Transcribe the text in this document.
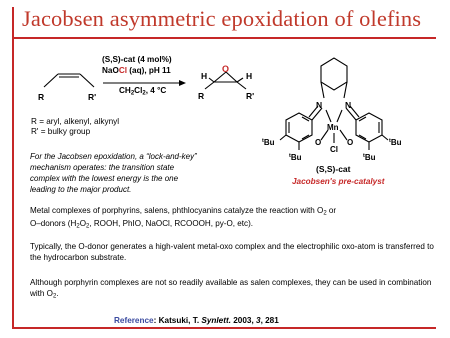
Jacobsen asymmetric epoxidation of olefins
R	R'
H	H
O
R	R'
N	N
Mn
O	O
Cl
$^t$Bu
$^t$Bu	$^t$Bu
$^t$Bu
(S,S)-cat
Jacobsen's pre-catalyst
(S,S)-cat (4 mol%)
NaOCl (aq), pH 11
$CH_2Cl_2$, 4 °C
R = aryl, alkenyl, alkynyl
R' = bulky group
For the Jacobsen epoxidation, a “lock-and-key”
mechanism operates: the transition state
complex with the lowest energy is the one
leading to the major product.
Metal complexes of porphyrins, salens, phthlocyanins catalyze the reaction with $O_2$ or
O–donors ($H_2O_2$, ROOH, PhIO, NaOCl, RCOOOH, py-O, etc).
Typically, the O-donor generates a high-valent metal-oxo complex and the electrophilic oxo-atom is transferred to the hydrocarbon substrate.
Although porphyrin complexes are not so readily available as salen complexes, they can be used in combination with $O_2$.
Reference: Katsuki, T. Synlett. 2003, 3, 281
